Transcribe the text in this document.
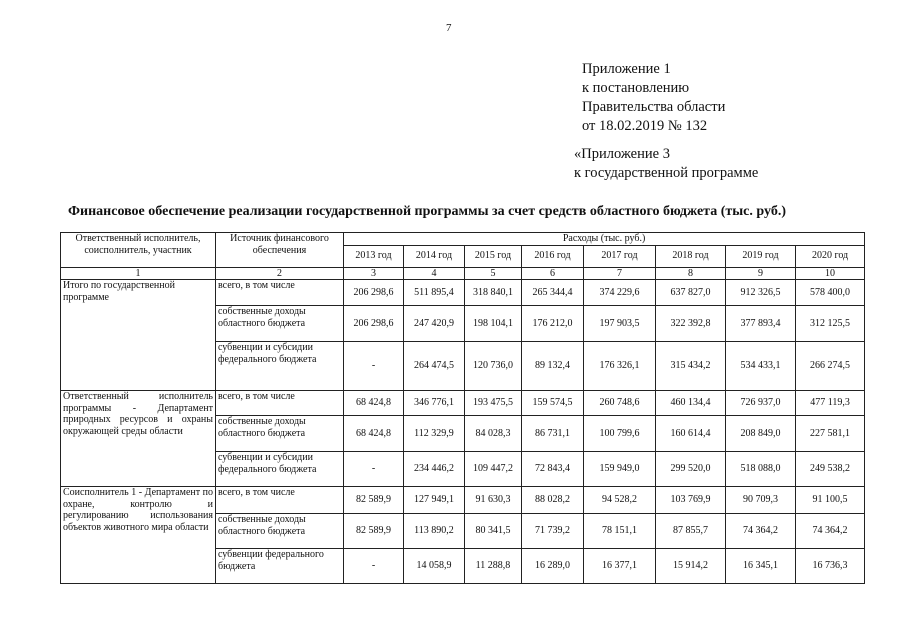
7
Приложение 1
к постановлению
Правительства области
от 18.02.2019 № 132
«Приложение 3
к государственной программе
Финансовое обеспечение реализации государственной программы за счет средств областного бюджета (тыс. руб.)
Ответственный исполнитель, соисполнитель, участник	Источник финансового обеспечения	Расходы (тыс. руб.)							
		2013 год	2014 год	2015 год	2016 год	2017 год	2018 год	2019 год	2020 год
1	2	3	4	5	6	7	8	9	10
Итого по государственной программе	всего, в том числе	206 298,6	511 895,4	318 840,1	265 344,4	374 229,6	637 827,0	912 326,5	578 400,0
	собственные доходы областного бюджета	206 298,6	247 420,9	198 104,1	176 212,0	197 903,5	322 392,8	377 893,4	312 125,5
	субвенции и субсидии федерального бюджета	-	264 474,5	120 736,0	89 132,4	176 326,1	315 434,2	534 433,1	266 274,5
Ответственный исполнитель программы - Департамент природных ресурсов и охраны окружающей среды области	всего, в том числе	68 424,8	346 776,1	193 475,5	159 574,5	260 748,6	460 134,4	726 937,0	477 119,3
	собственные доходы областного бюджета	68 424,8	112 329,9	84 028,3	86 731,1	100 799,6	160 614,4	208 849,0	227 581,1
	субвенции и субсидии федерального бюджета	-	234 446,2	109 447,2	72 843,4	159 949,0	299 520,0	518 088,0	249 538,2
Соисполнитель 1 - Департамент по охране, контролю и регулированию использования объектов животного мира области	всего, в том числе	82 589,9	127 949,1	91 630,3	88 028,2	94 528,2	103 769,9	90 709,3	91 100,5
	собственные доходы областного бюджета	82 589,9	113 890,2	80 341,5	71 739,2	78 151,1	87 855,7	74 364,2	74 364,2
	субвенции федерального бюджета	-	14 058,9	11 288,8	16 289,0	16 377,1	15 914,2	16 345,1	16 736,3
